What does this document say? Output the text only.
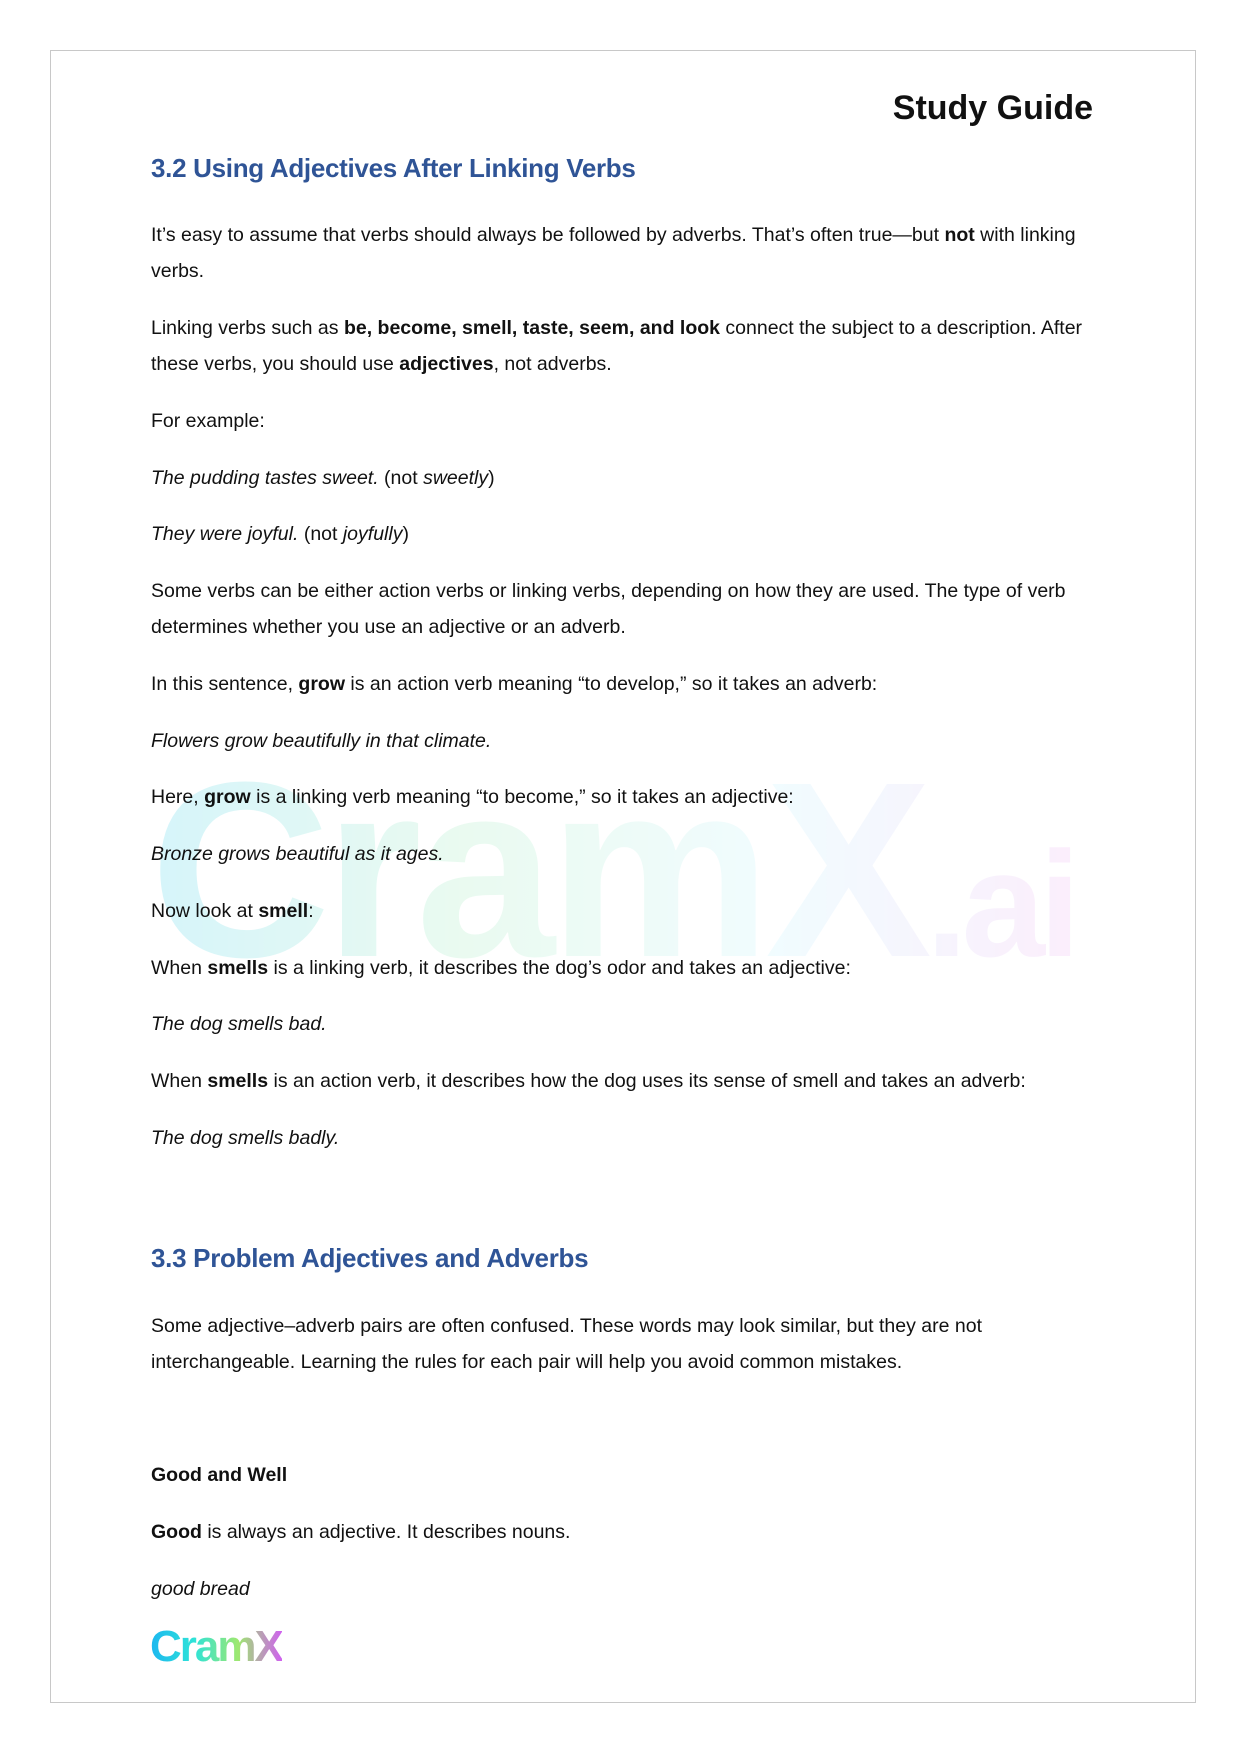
CramX.ai
Study Guide
3.2 Using Adjectives After Linking Verbs

It’s easy to assume that verbs should always be followed by adverbs. That’s often true—but not with linking verbs.

Linking verbs such as be, become, smell, taste, seem, and look connect the subject to a description. After these verbs, you should use adjectives, not adverbs.

For example:

The pudding tastes sweet. (not sweetly)

They were joyful. (not joyfully)

Some verbs can be either action verbs or linking verbs, depending on how they are used. The type of verb determines whether you use an adjective or an adverb.

In this sentence, grow is an action verb meaning “to develop,” so it takes an adverb:

Flowers grow beautifully in that climate.

Here, grow is a linking verb meaning “to become,” so it takes an adjective:

Bronze grows beautiful as it ages.

Now look at smell:

When smells is a linking verb, it describes the dog’s odor and takes an adjective:

The dog smells bad.

When smells is an action verb, it describes how the dog uses its sense of smell and takes an adverb:

The dog smells badly.

3.3 Problem Adjectives and Adverbs

Some adjective–adverb pairs are often confused. These words may look similar, but they are not interchangeable. Learning the rules for each pair will help you avoid common mistakes.

Good and Well

Good is always an adjective. It describes nouns.

good bread

CramX
